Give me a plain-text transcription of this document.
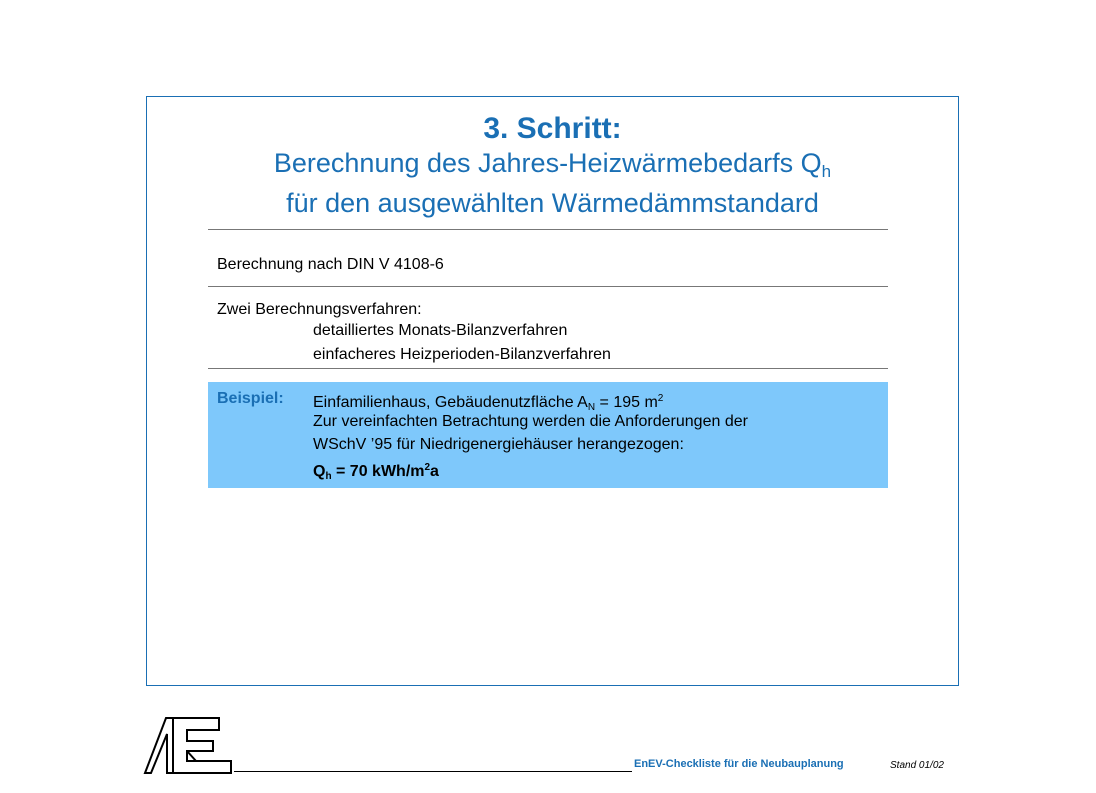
3. Schritt:
Berechnung des Jahres-Heizwärmebedarfs $Q_h$
für den ausgewählten Wärmedämmstandard
Berechnung nach DIN V 4108-6
Zwei Berechnungsverfahren:
detailliertes Monats-Bilanzverfahren
einfacheres Heizperioden-Bilanzverfahren
Beispiel: Einfamilienhaus, Gebäudenutzfläche $A_N = 195$ $m^2$
Zur vereinfachten Betrachtung werden die Anforderungen der
WSchV ’95 für Niedrigenergiehäuser herangezogen:
$Q_h = 70$ kWh/$m^2a$
EnEV-Checkliste für die Neubauplanung	Stand 01/02
